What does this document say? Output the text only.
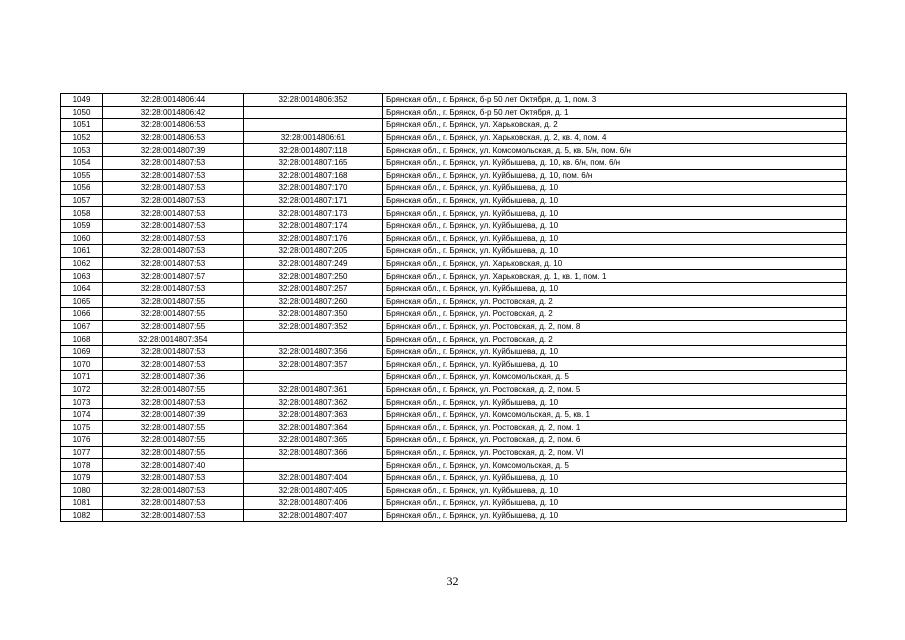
1049	32:28:0014806:44	32:28:0014806:352	Брянская обл., г. Брянск, б-р 50 лет Октября, д. 1, пом. 3
1050	32:28:0014806:42		Брянская обл., г. Брянск, б-р 50 лет Октября, д. 1
1051	32:28:0014806:53		Брянская обл., г. Брянск, ул. Харьковская, д. 2
1052	32:28:0014806:53	32:28:0014806:61	Брянская обл., г. Брянск, ул. Харьковская, д. 2, кв. 4, пом. 4
1053	32:28:0014807:39	32:28:0014807:118	Брянская обл., г. Брянск, ул. Комсомольская, д. 5, кв. 5/н, пом. 6/н
1054	32:28:0014807:53	32:28:0014807:165	Брянская обл., г. Брянск, ул. Куйбышева, д. 10, кв. 6/н, пом. 6/н
1055	32:28:0014807:53	32:28:0014807:168	Брянская обл., г. Брянск, ул. Куйбышева, д. 10, пом. 6/н
1056	32:28:0014807:53	32:28:0014807:170	Брянская обл., г. Брянск, ул. Куйбышева, д. 10
1057	32:28:0014807:53	32:28:0014807:171	Брянская обл., г. Брянск, ул. Куйбышева, д. 10
1058	32:28:0014807:53	32:28:0014807:173	Брянская обл., г. Брянск, ул. Куйбышева, д. 10
1059	32:28:0014807:53	32:28:0014807:174	Брянская обл., г. Брянск, ул. Куйбышева, д. 10
1060	32:28:0014807:53	32:28:0014807:176	Брянская обл., г. Брянск, ул. Куйбышева, д. 10
1061	32:28:0014807:53	32:28:0014807:205	Брянская обл., г. Брянск, ул. Куйбышева, д. 10
1062	32:28:0014807:53	32:28:0014807:249	Брянская обл., г. Брянск, ул. Харьковская, д. 10
1063	32:28:0014807:57	32:28:0014807:250	Брянская обл., г. Брянск, ул. Харьковская, д. 1, кв. 1, пом. 1
1064	32:28:0014807:53	32:28:0014807:257	Брянская обл., г. Брянск, ул. Куйбышева, д. 10
1065	32:28:0014807:55	32:28:0014807:260	Брянская обл., г. Брянск, ул. Ростовская, д. 2
1066	32:28:0014807:55	32:28:0014807:350	Брянская обл., г. Брянск, ул. Ростовская, д. 2
1067	32:28:0014807:55	32:28:0014807:352	Брянская обл., г. Брянск, ул. Ростовская, д. 2, пом. 8
1068	32:28:0014807:354		Брянская обл., г. Брянск, ул. Ростовская, д. 2
1069	32:28:0014807:53	32:28:0014807:356	Брянская обл., г. Брянск, ул. Куйбышева, д. 10
1070	32:28:0014807:53	32:28:0014807:357	Брянская обл., г. Брянск, ул. Куйбышева, д. 10
1071	32:28:0014807:36		Брянская обл., г. Брянск, ул. Комсомольская, д. 5
1072	32:28:0014807:55	32:28:0014807:361	Брянская обл., г. Брянск, ул. Ростовская, д. 2, пом. 5
1073	32:28:0014807:53	32:28:0014807:362	Брянская обл., г. Брянск, ул. Куйбышева, д. 10
1074	32:28:0014807:39	32:28:0014807:363	Брянская обл., г. Брянск, ул. Комсомольская, д. 5, кв. 1
1075	32:28:0014807:55	32:28:0014807:364	Брянская обл., г. Брянск, ул. Ростовская, д. 2, пом. 1
1076	32:28:0014807:55	32:28:0014807:365	Брянская обл., г. Брянск, ул. Ростовская, д. 2, пом. 6
1077	32:28:0014807:55	32:28:0014807:366	Брянская обл., г. Брянск, ул. Ростовская, д. 2, пом. VI
1078	32:28:0014807:40		Брянская обл., г. Брянск, ул. Комсомольская, д. 5
1079	32:28:0014807:53	32:28:0014807:404	Брянская обл., г. Брянск, ул. Куйбышева, д. 10
1080	32:28:0014807:53	32:28:0014807:405	Брянская обл., г. Брянск, ул. Куйбышева, д. 10
1081	32:28:0014807:53	32:28:0014807:406	Брянская обл., г. Брянск, ул. Куйбышева, д. 10
1082	32:28:0014807:53	32:28:0014807:407	Брянская обл., г. Брянск, ул. Куйбышева, д. 10
32
